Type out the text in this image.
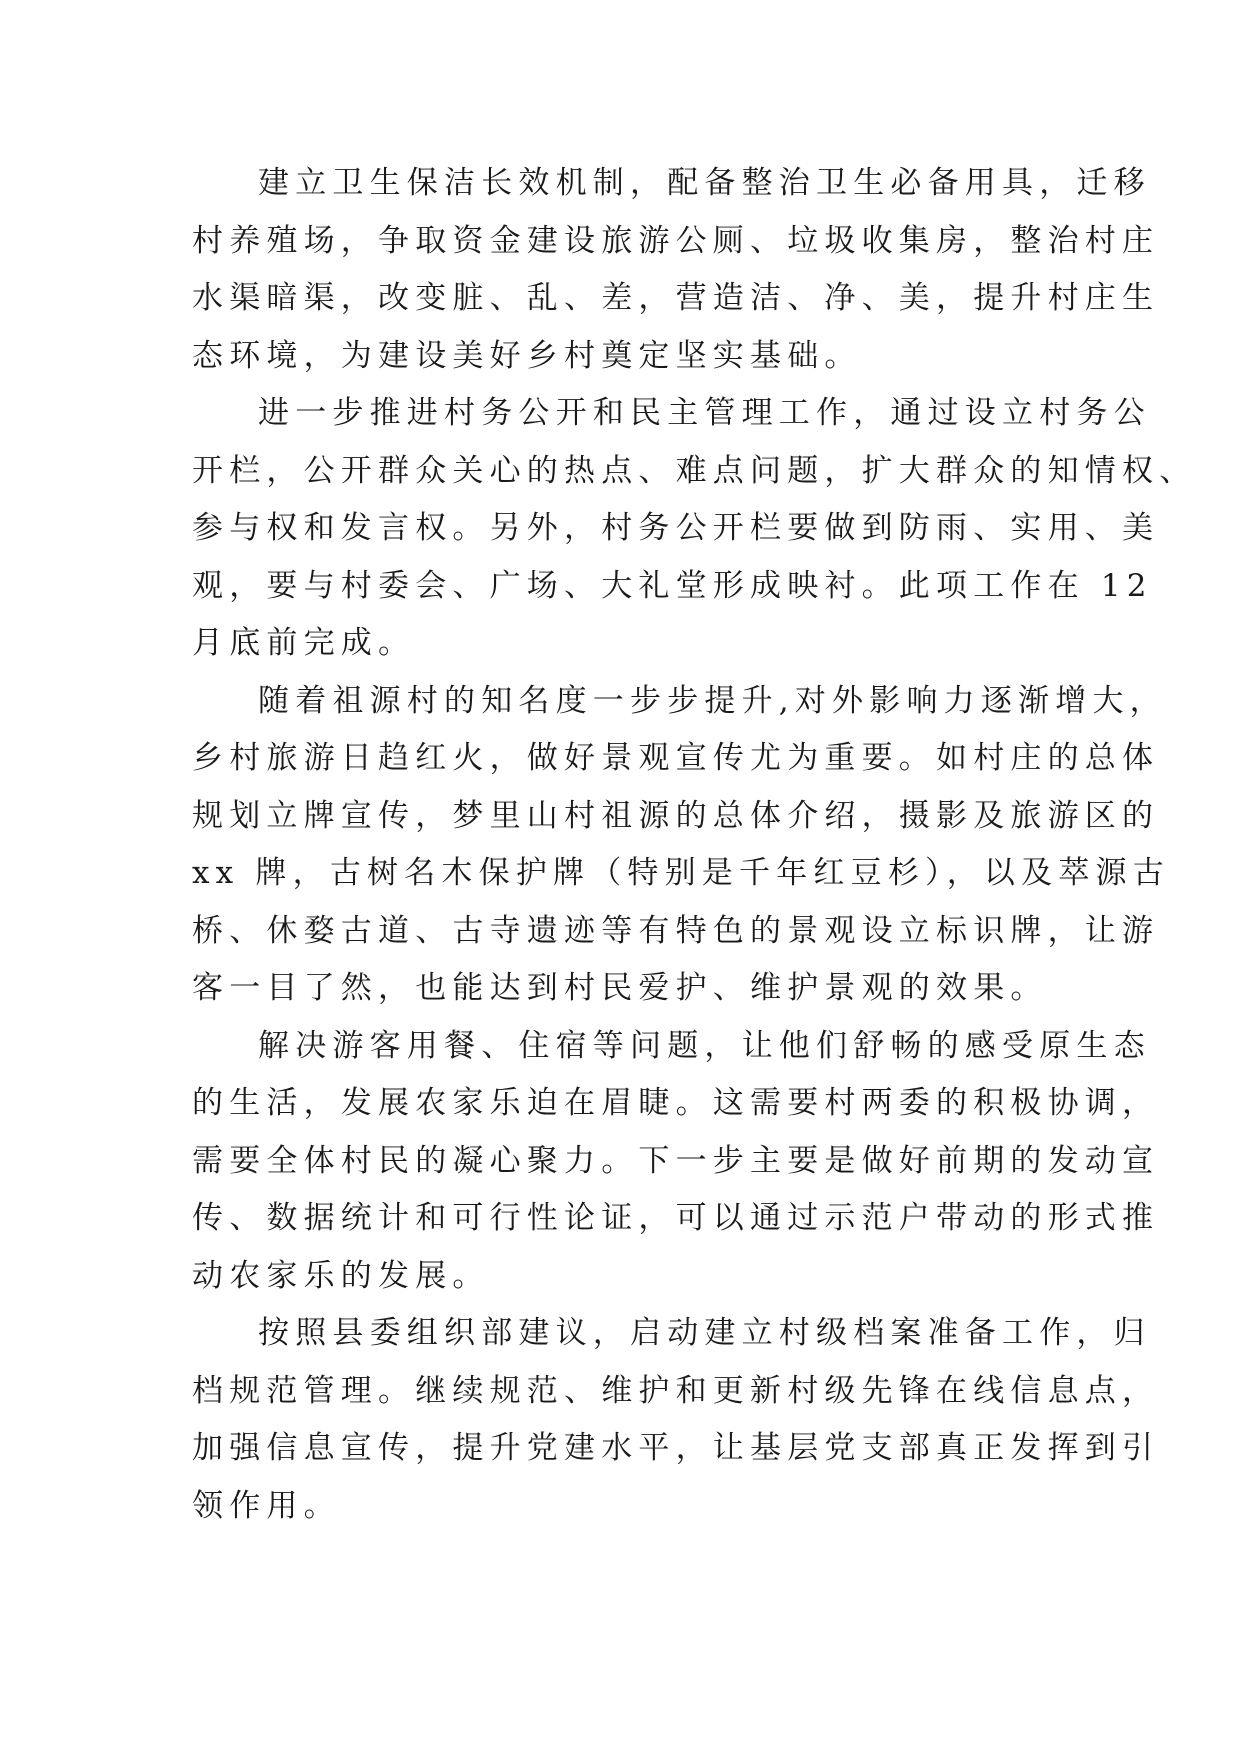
建立卫生保洁长效机制，配备整治卫生必备用具，迁移
村养殖场，争取资金建设旅游公厕、垃圾收集房，整治村庄
水渠暗渠，改变脏、乱、差，营造洁、净、美，提升村庄生
态环境，为建设美好乡村奠定坚实基础。

进一步推进村务公开和民主管理工作，通过设立村务公
开栏，公开群众关心的热点、难点问题，扩大群众的知情权、
参与权和发言权。另外，村务公开栏要做到防雨、实用、美
观，要与村委会、广场、大礼堂形成映衬。此项工作在 12
月底前完成。

随着祖源村的知名度一步步提升,对外影响力逐渐增大，
乡村旅游日趋红火，做好景观宣传尤为重要。如村庄的总体
规划立牌宣传，梦里山村祖源的总体介绍，摄影及旅游区的
xx 牌，古树名木保护牌（特别是千年红豆杉），以及萃源古
桥、休婺古道、古寺遗迹等有特色的景观设立标识牌，让游
客一目了然，也能达到村民爱护、维护景观的效果。

解决游客用餐、住宿等问题，让他们舒畅的感受原生态
的生活，发展农家乐迫在眉睫。这需要村两委的积极协调，
需要全体村民的凝心聚力。下一步主要是做好前期的发动宣
传、数据统计和可行性论证，可以通过示范户带动的形式推
动农家乐的发展。

按照县委组织部建议，启动建立村级档案准备工作，归
档规范管理。继续规范、维护和更新村级先锋在线信息点，
加强信息宣传，提升党建水平，让基层党支部真正发挥到引
领作用。
